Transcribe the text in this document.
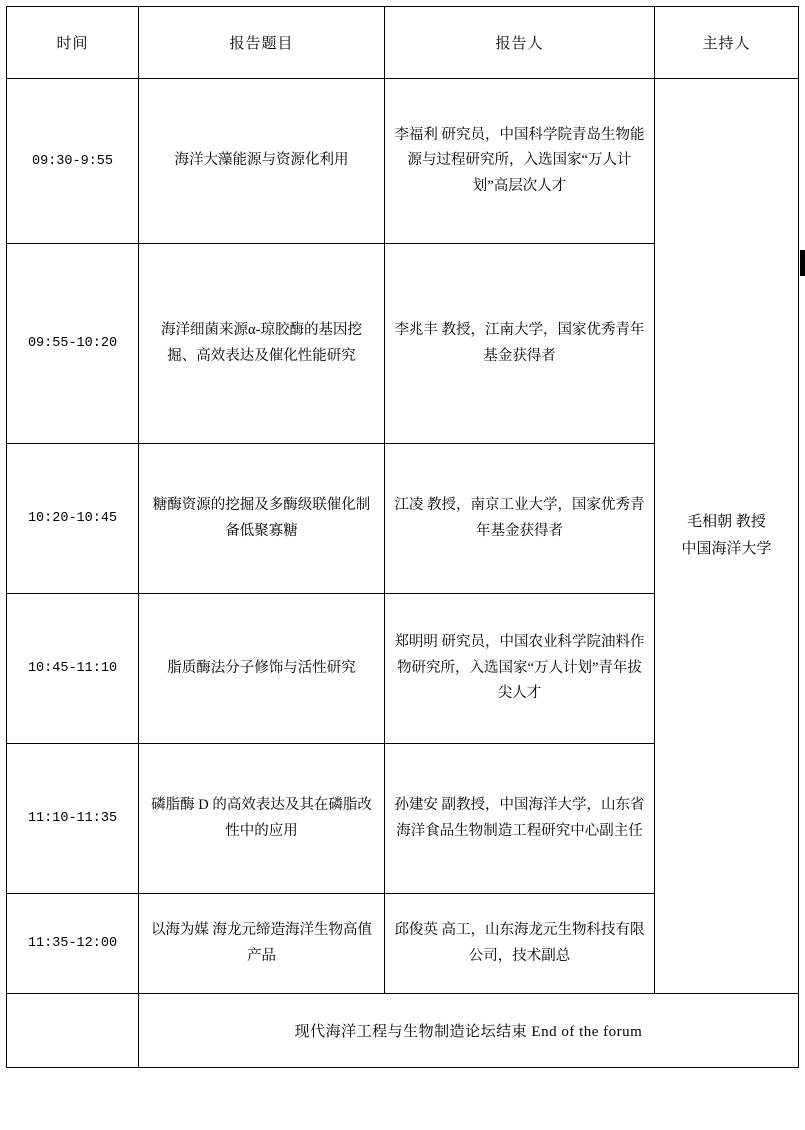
时间	报告题目	报告人	主持人
09:30-9:55	海洋大藻能源与资源化利用	李福利 研究员，中国科学院青岛生物能源与过程研究所，入选国家“万人计划”高层次人才	毛相朝 教授
中国海洋大学

09:55-10:20	海洋细菌来源α-琼胶酶的基因挖掘、高效表达及催化性能研究	李兆丰 教授，江南大学，国家优秀青年基金获得者	
10:20-10:45	糖酶资源的挖掘及多酶级联催化制备低聚寡糖	江凌 教授，南京工业大学，国家优秀青年基金获得者	
10:45-11:10	脂质酶法分子修饰与活性研究	郑明明 研究员，中国农业科学院油料作物研究所，入选国家“万人计划”青年拔尖人才	
11:10-11:35	磷脂酶 D 的高效表达及其在磷脂改性中的应用	孙建安 副教授，中国海洋大学，山东省海洋食品生物制造工程研究中心副主任	
11:35-12:00	以海为媒 海龙元缔造海洋生物高值产品	邱俊英 高工，山东海龙元生物科技有限公司，技术副总	
	现代海洋工程与生物制造论坛结束 End of the forum		
